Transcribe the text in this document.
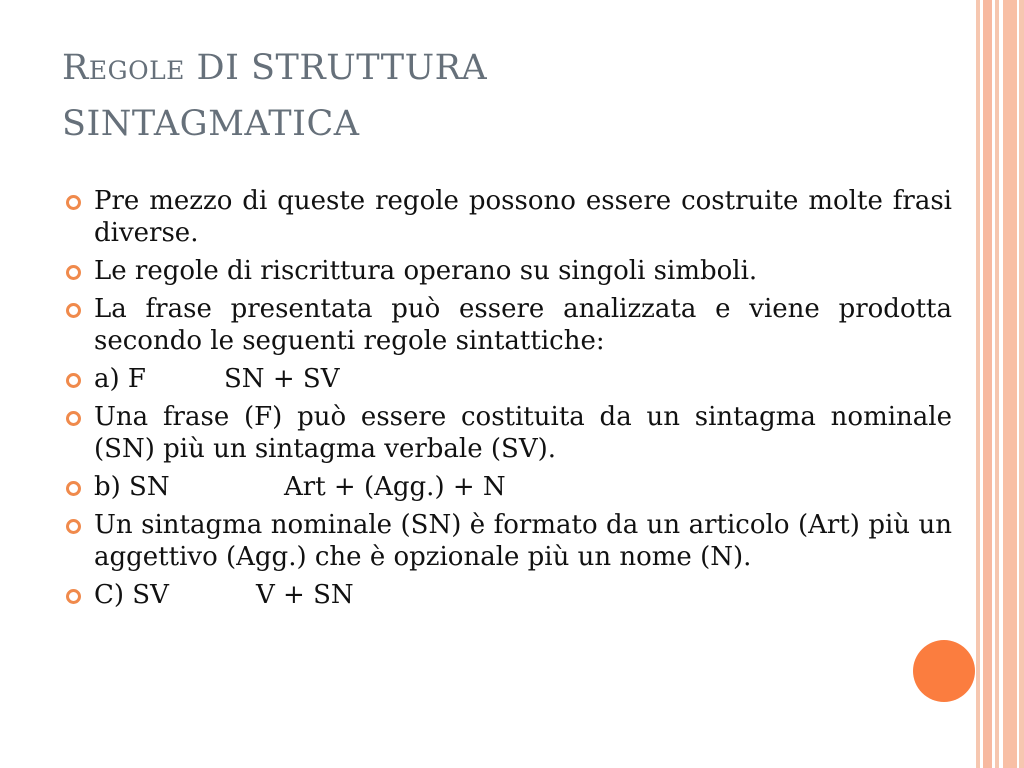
Regole DI STRUTTURA
SINTAGMATICA
Pre mezzo di queste regole possono essere costruite molte frasi diverse.
Le regole di riscrittura operano su singoli simboli.
La frase presentata può essere analizzata e viene prodotta secondo le seguenti regole sintattiche:
a) F	SN + SV
Una frase (F) può essere costituita da un sintagma nominale (SN) più un sintagma verbale (SV).
b) SN	Art + (Agg.) + N
Un sintagma nominale (SN) è formato da un articolo (Art) più un aggettivo (Agg.) che è opzionale più un nome (N).
C) SV	V + SN
